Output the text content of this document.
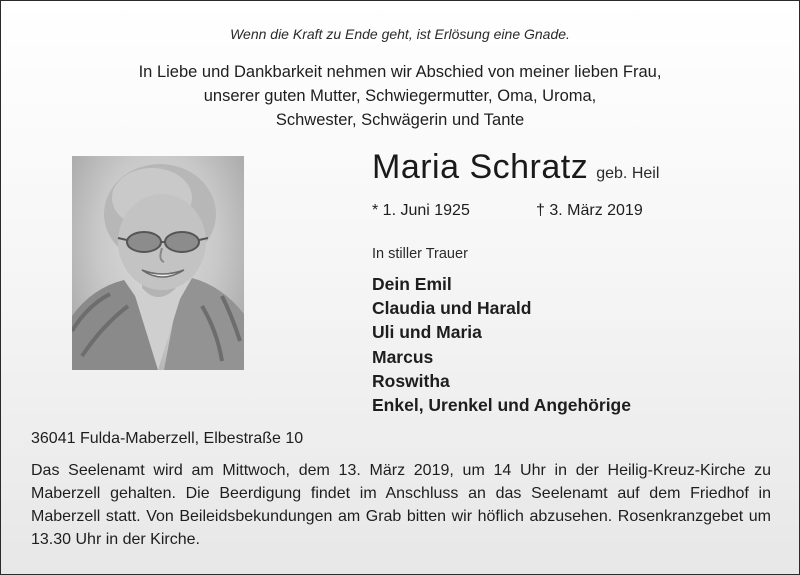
Wenn die Kraft zu Ende geht, ist Erlösung eine Gnade.
In Liebe und Dankbarkeit nehmen wir Abschied von meiner lieben Frau,
unserer guten Mutter, Schwiegermutter, Oma, Uroma,
Schwester, Schwägerin und Tante
Maria Schratz geb. Heil
* 1. Juni 1925	† 3. März 2019
In stiller Trauer
Dein Emil
Claudia und Harald
Uli und Maria
Marcus
Roswitha
Enkel, Urenkel und Angehörige
36041 Fulda-Maberzell, Elbestraße 10
Das Seelenamt wird am Mittwoch, dem 13. März 2019, um 14 Uhr in der Heilig-Kreuz-Kirche zu Maberzell gehalten. Die Beerdigung findet im Anschluss an das Seelenamt auf dem Friedhof in Maberzell statt. Von Beileidsbekundungen am Grab bitten wir höflich abzusehen. Rosenkranzgebet um 13.30 Uhr in der Kirche.
